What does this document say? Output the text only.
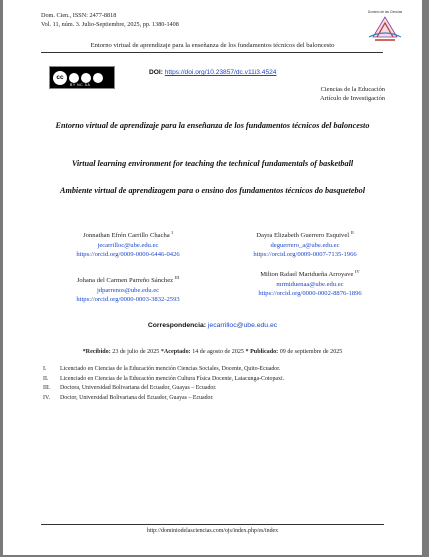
Dom. Cien., ISSN: 2477-8818
Vol. 11, núm. 3. Julio-Septiembre, 2025, pp. 1380-1408
Dominio de las Ciencias
Entorno virtual de aprendizaje para la enseñanza de los fundamentos técnicos del baloncesto
cc
BY NC SA
DOI: https://doi.org/10.23857/dc.v11i3.4524
Ciencias de la Educación
Artículo de Investigación
Entorno virtual de aprendizaje para la enseñanza de los fundamentos técnicos del baloncesto
Virtual learning environment for teaching the technical fundamentals of basketball
Ambiente virtual de aprendizagem para o ensino dos fundamentos técnicos do basquetebol
Jonnathan Efrén Carrillo Chacha $^I$
jecarrilloc@ube.edu.ec
https://orcid.org/0009-0000-6446-0426
Dayra Elizabeth Guerrero Esquivel $^{II}$
deguerrero_a@ube.edu.ec
https://orcid.org/0009-0007-7135-1966
Johana del Carmen Parreño Sánchez $^{III}$
jdparrenos@ube.edu.ec
https://orcid.org/0000-0003-3832-2593
Milton Rafael Maridueña Arroyave $^{IV}$
mrmiduenaa@ube.edu.ec
https://orcid.org/0000-0002-8876-1896
Correspondencia: jecarrilloc@ube.edu.ec
*Recibido: 23 de julio de 2025 *Aceptado: 14 de agosto de 2025 * Publicado: 09 de septiembre de 2025
I.	Licenciado en Ciencias de la Educación mención Ciencias Sociales, Docente, Quito-Ecuador.
II.	Licenciado en Ciencias de la Educación mención Cultura Física Docente, Latacunga-Cotopaxi.
III.	Doctora, Universidad Bolivariana del Ecuador, Guayas – Ecuador.
IV.	Doctor, Universidad Bolivariana del Ecuador, Guayas – Ecuador.
http://dominiodelasciencias.com/ojs/index.php/es/index
